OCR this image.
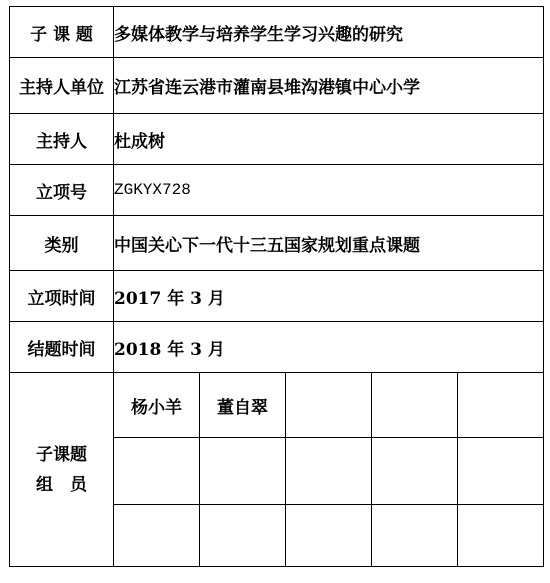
子 课 题	多媒体教学与培养学生学习兴趣的研究				
主持人单位	江苏省连云港市灌南县堆沟港镇中心小学				
主持人	杜成树				
立项号	ZGKYX728				
类别	中国关心下一代十三五国家规划重点课题				
立项时间	2017 年 3 月				
结题时间	2018 年 3 月				

子课题
组　员	杨小羊	董自翠			
